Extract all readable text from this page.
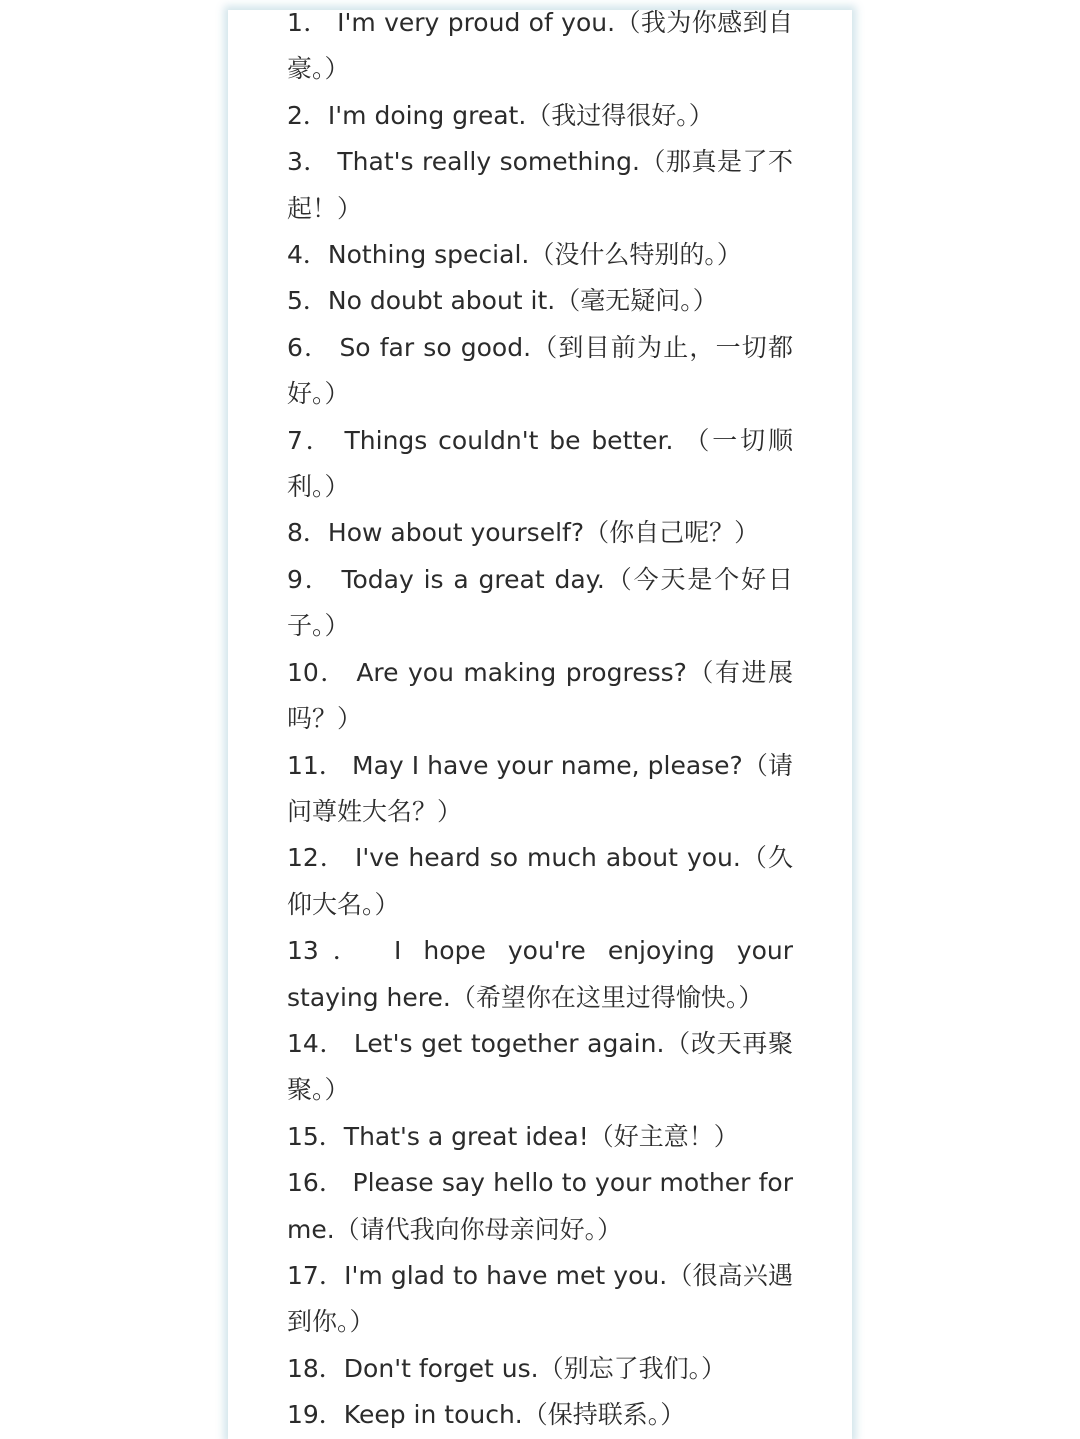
1． I'm very proud of you.（我为你感到自豪。）
2．I'm doing great.（我过得很好。）
3． That's really something.（那真是了不起！）
4．Nothing special.（没什么特别的。）
5．No doubt about it.（毫无疑问。）
6． So far so good.（到目前为止，一切都好。）
7． Things couldn't be better. （一切顺利。）
8．How about yourself?（你自己呢？）
9． Today is a great day.（今天是个好日子。）
10． Are you making progress?（有进展吗？）
11． May I have your name, please?（请问尊姓大名？）
12． I've heard so much about you.（久仰大名。）
13． I hope you're enjoying your staying here.（希望你在这里过得愉快。）
14． Let's get together again.（改天再聚聚。）
15．That's a great idea!（好主意！）
16． Please say hello to your mother for me.（请代我向你母亲问好。）
17．I'm glad to have met you.（很高兴遇到你。）
18．Don't forget us.（别忘了我们。）
19．Keep in touch.（保持联系。）
